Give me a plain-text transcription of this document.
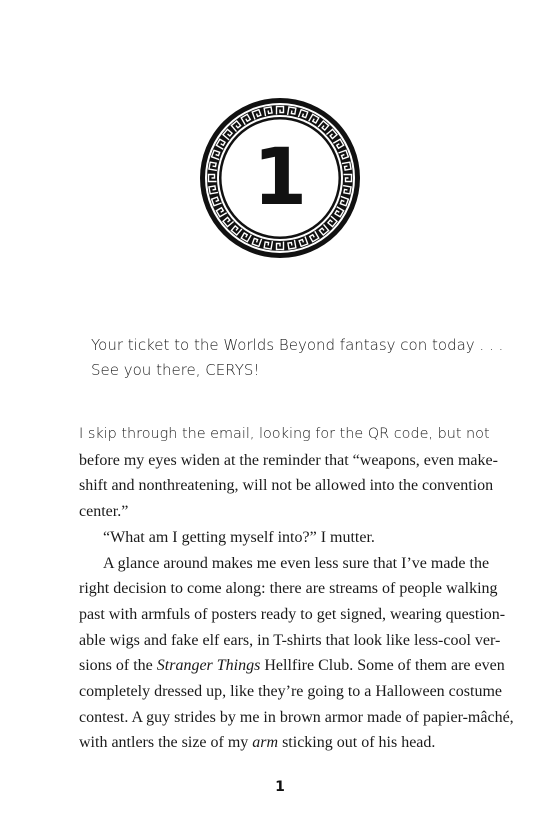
1
Your ticket to the Worlds Beyond fantasy con today . . .
See you there, CERYS!
I skip through the email, looking for the QR code, but not
before my eyes widen at the reminder that “weapons, even make-
shift and nonthreatening, will not be allowed into the convention
center.”
“What am I getting myself into?” I mutter.
A glance around makes me even less sure that I’ve made the
right decision to come along: there are streams of people walking
past with armfuls of posters ready to get signed, wearing question-
able wigs and fake elf ears, in T-shirts that look like less-cool ver-
sions of the Stranger Things Hellfire Club. Some of them are even
completely dressed up, like they’re going to a Halloween costume
contest. A guy strides by me in brown armor made of papier-mâché,
with antlers the size of my arm sticking out of his head.
1
